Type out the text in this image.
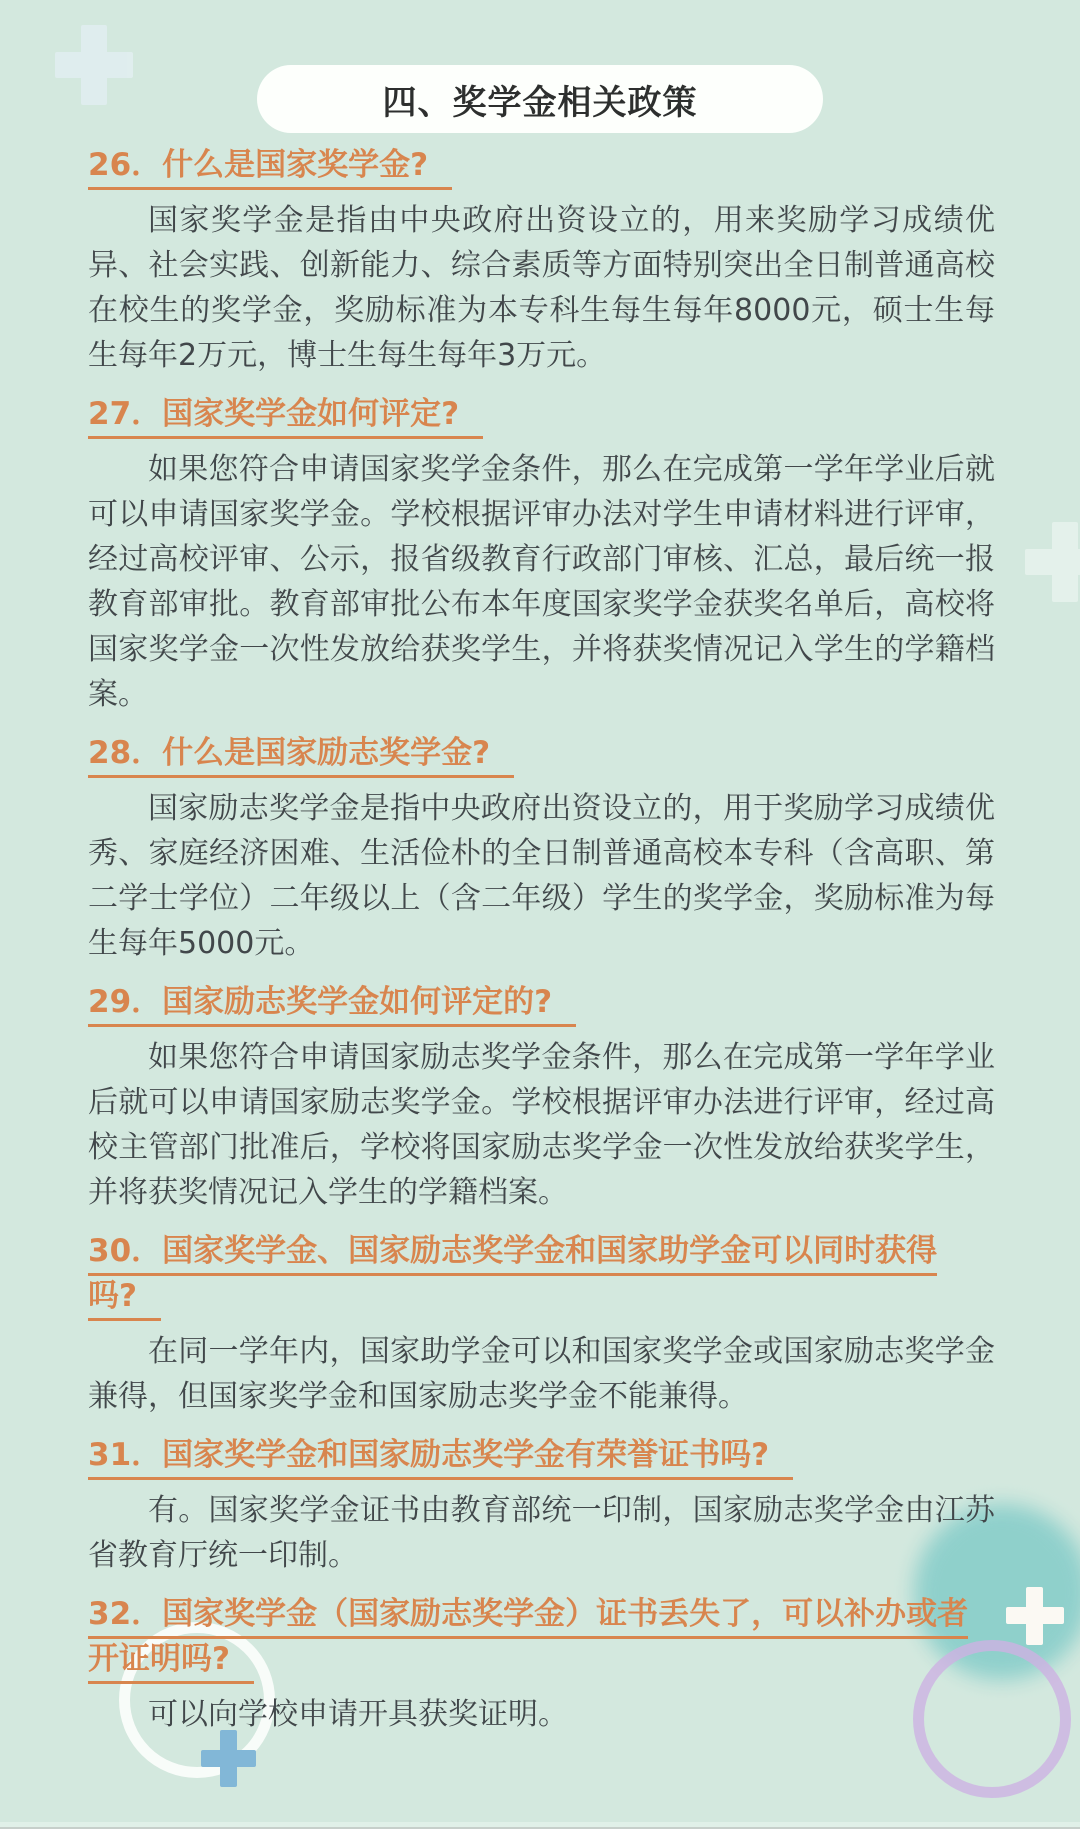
四、奖学金相关政策
26．什么是国家奖学金?

国家奖学金是指由中央政府出资设立的，用来奖励学习成绩优异、社会实践、创新能力、综合素质等方面特别突出全日制普通高校在校生的奖学金，奖励标准为本专科生每生每年8000元，硕士生每生每年2万元，博士生每生每年3万元。

27．国家奖学金如何评定?

如果您符合申请国家奖学金条件，那么在完成第一学年学业后就可以申请国家奖学金。学校根据评审办法对学生申请材料进行评审，经过高校评审、公示，报省级教育行政部门审核、汇总，最后统一报教育部审批。教育部审批公布本年度国家奖学金获奖名单后，高校将国家奖学金一次性发放给获奖学生，并将获奖情况记入学生的学籍档案。

28．什么是国家励志奖学金?

国家励志奖学金是指中央政府出资设立的，用于奖励学习成绩优秀、家庭经济困难、生活俭朴的全日制普通高校本专科（含高职、第二学士学位）二年级以上（含二年级）学生的奖学金，奖励标准为每生每年5000元。

29．国家励志奖学金如何评定的?

如果您符合申请国家励志奖学金条件，那么在完成第一学年学业后就可以申请国家励志奖学金。学校根据评审办法进行评审，经过高校主管部门批准后，学校将国家励志奖学金一次性发放给获奖学生，并将获奖情况记入学生的学籍档案。

30．国家奖学金、国家励志奖学金和国家助学金可以同时获得吗?

在同一学年内，国家助学金可以和国家奖学金或国家励志奖学金兼得，但国家奖学金和国家励志奖学金不能兼得。

31．国家奖学金和国家励志奖学金有荣誉证书吗?

有。国家奖学金证书由教育部统一印制，国家励志奖学金由江苏省教育厅统一印制。

32．国家奖学金（国家励志奖学金）证书丢失了，可以补办或者开证明吗?

可以向学校申请开具获奖证明。
